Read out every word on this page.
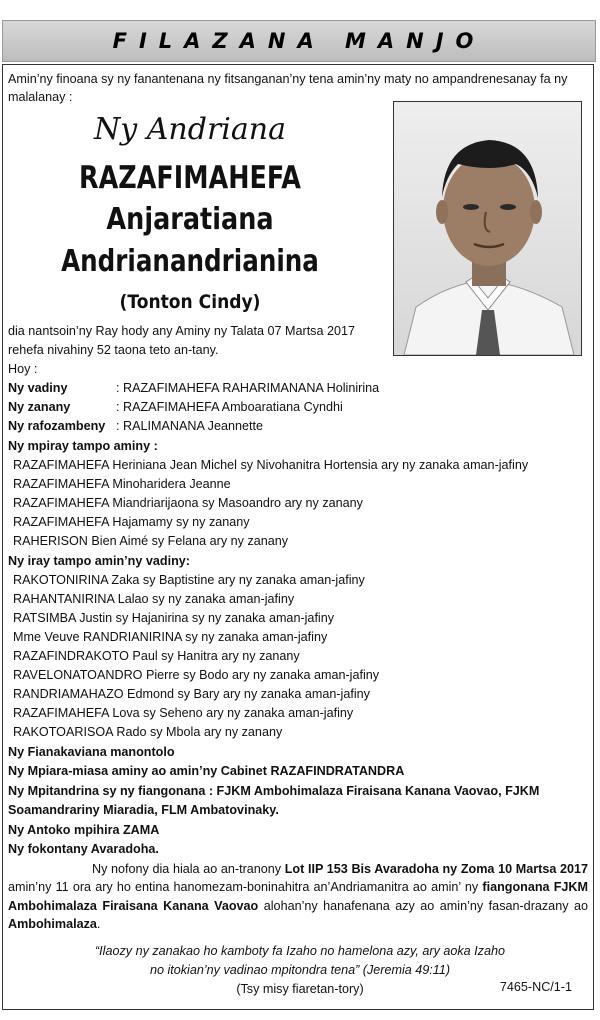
FILAZANA MANJO
Amin’ny finoana sy ny fanantenana ny fitsanganan’ny tena amin’ny maty no ampandrenesanay fa ny malalanay :
Ny Andriana
RAZAFIMAHEFA
Anjaratiana
Andrianandrianina
(Tonton Cindy)
dia nantsoin’ny Ray hody any Aminy ny Talata 07 Martsa 2017
rehefa nivahiny 52 taona teto an-tany.
Hoy :
Ny vadiny	: RAZAFIMAHEFA RAHARIMANANA Holinirina
Ny zanany	: RAZAFIMAHEFA Amboaratiana Cyndhi
Ny rafozambeny : RALIMANANA Jeannette
Ny mpiray tampo aminy :
RAZAFIMAHEFA Heriniana Jean Michel sy Nivohanitra Hortensia ary ny zanaka aman-jafiny
RAZAFIMAHEFA Minoharidera Jeanne
RAZAFIMAHEFA Miandriarijaona sy Masoandro ary ny zanany
RAZAFIMAHEFA Hajamamy sy ny zanany
RAHERISON Bien Aimé sy Felana ary ny zanany
Ny iray tampo amin’ny vadiny:
RAKOTONIRINA Zaka sy Baptistine ary ny zanaka aman-jafiny
RAHANTANIRINA Lalao sy ny zanaka aman-jafiny
RATSIMBA Justin sy Hajanirina sy ny zanaka aman-jafiny
Mme Veuve RANDRIANIRINA sy ny zanaka aman-jafiny
RAZAFINDRAKOTO Paul sy Hanitra ary ny zanany
RAVELONATOANDRO Pierre sy Bodo ary ny zanaka aman-jafiny
RANDRIAMAHAZO Edmond sy Bary ary ny zanaka aman-jafiny
RAZAFIMAHEFA Lova sy Seheno ary ny zanaka aman-jafiny
RAKOTOARISOA Rado sy Mbola ary ny zanany
Ny Fianakaviana manontolo
Ny Mpiara-miasa aminy ao amin’ny Cabinet RAZAFINDRATANDRA
Ny Mpitandrina sy ny fiangonana : FJKM Ambohimalaza Firaisana Kanana Vaovao, FJKM
Soamandrariny Miaradia, FLM Ambatovinaky.
Ny Antoko mpihira ZAMA
Ny fokontany Avaradoha.
Ny nofony dia hiala ao an-tranony Lot IIP 153 Bis Avaradoha ny Zoma 10 Martsa 2017 amin’ny 11 ora ary ho entina hanomezam-boninahitra an’Andriamanitra ao amin’ ny fiangonana FJKM Ambohimalaza Firaisana Kanana Vaovao alohan’ny hanafenana azy ao amin’ny fasan-drazany ao Ambohimalaza.
“Ilaozy ny zanakao ho kamboty fa Izaho no hamelona azy, ary aoka Izaho
no itokian’ny vadinao mpitondra tena” (Jeremia 49:11)
(Tsy misy fiaretan-tory)	7465-NC/1-1
